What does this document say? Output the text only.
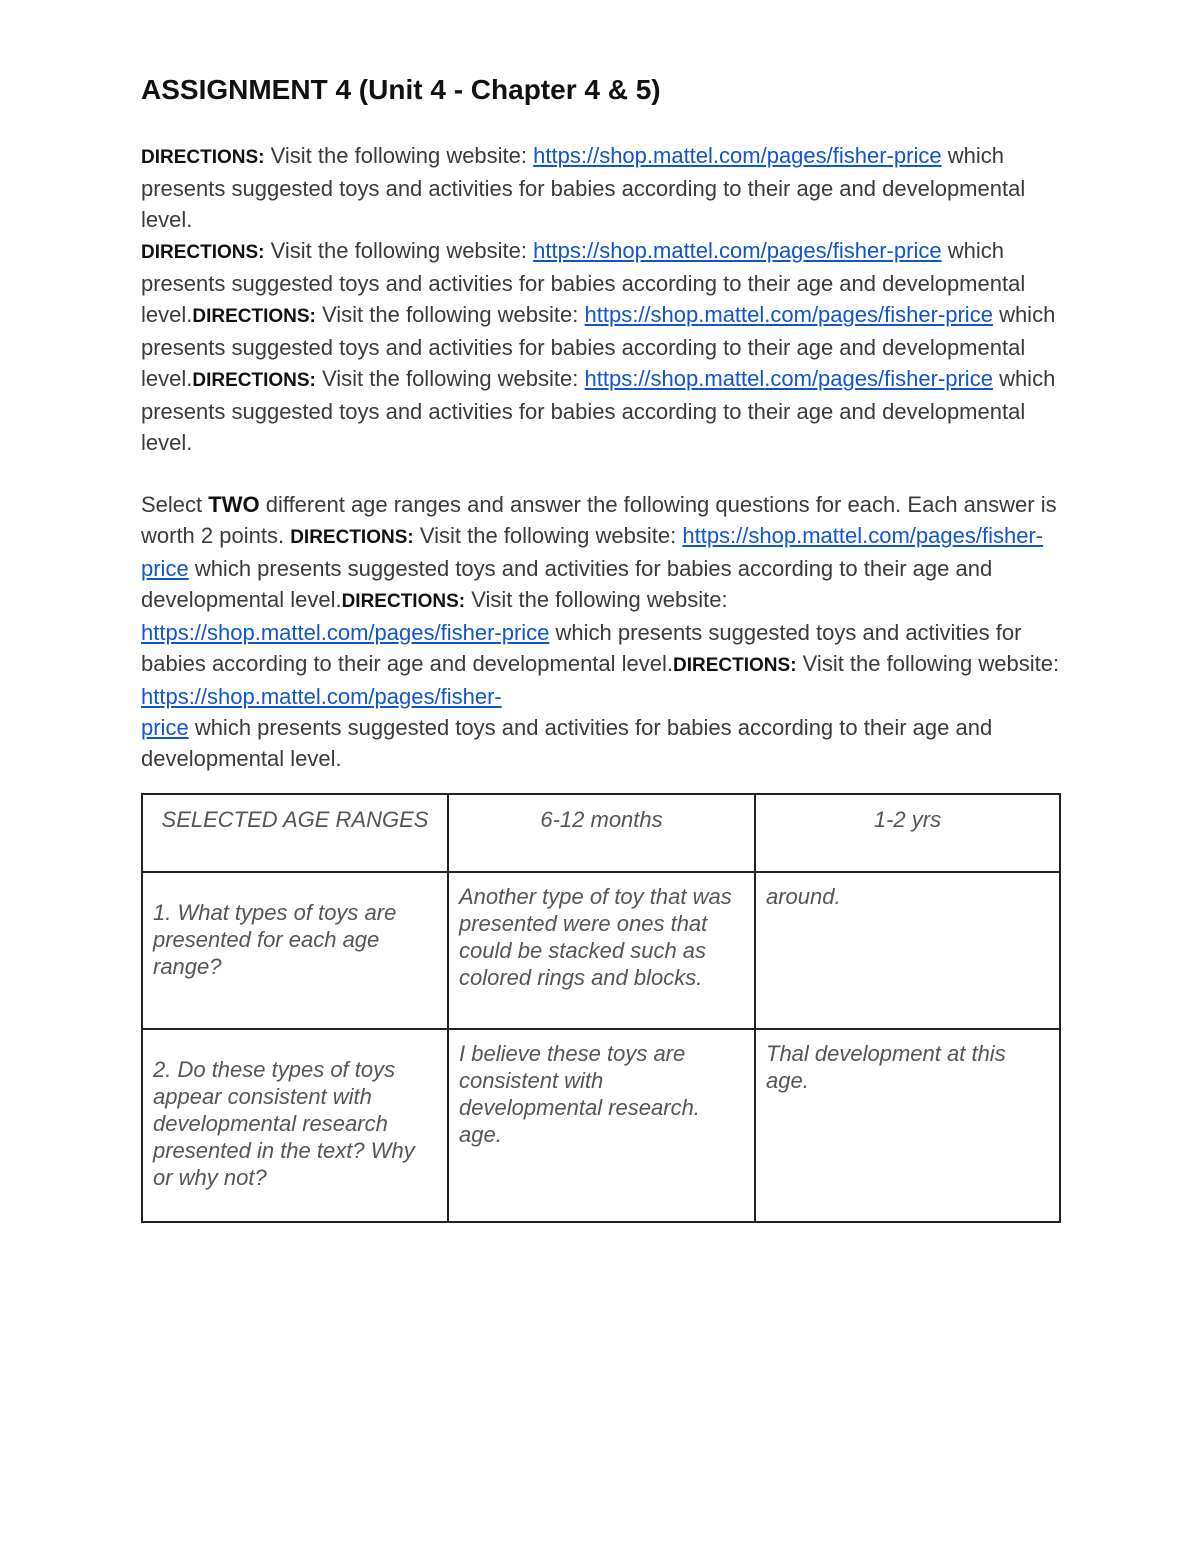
ASSIGNMENT 4 (Unit 4 - Chapter 4 & 5)

DIRECTIONS: Visit the following website: https://shop.mattel.com/pages/fisher-price which presents suggested toys and activities for babies according to their age and developmental level.
DIRECTIONS: Visit the following website: https://shop.mattel.com/pages/fisher-price which presents suggested toys and activities for babies according to their age and developmental level.DIRECTIONS: Visit the following website: https://shop.mattel.com/pages/fisher-price which presents suggested toys and activities for babies according to their age and developmental level.DIRECTIONS: Visit the following website: https://shop.mattel.com/pages/fisher-price which presents suggested toys and activities for babies according to their age and developmental level.

Select TWO different age ranges and answer the following questions for each. Each answer is worth 2 points. DIRECTIONS: Visit the following website: https://shop.mattel.com/pages/fisher-price which presents suggested toys and activities for babies according to their age and developmental level.DIRECTIONS: Visit the following website: https://shop.mattel.com/pages/fisher-price which presents suggested toys and activities for babies according to their age and developmental level.DIRECTIONS: Visit the following website: https://shop.mattel.com/pages/fisher-
price which presents suggested toys and activities for babies according to their age and developmental level.

SELECTED AGE RANGES	6-12 months	1-2 yrs

1. What types of toys are presented for each age range?	Another type of toy that was presented were ones that could be stacked such as colored rings and blocks.	around.

2. Do these types of toys appear consistent with developmental research presented in the text? Why or why not?	I believe these toys are consistent with developmental research. age.	Thal development at this age.
